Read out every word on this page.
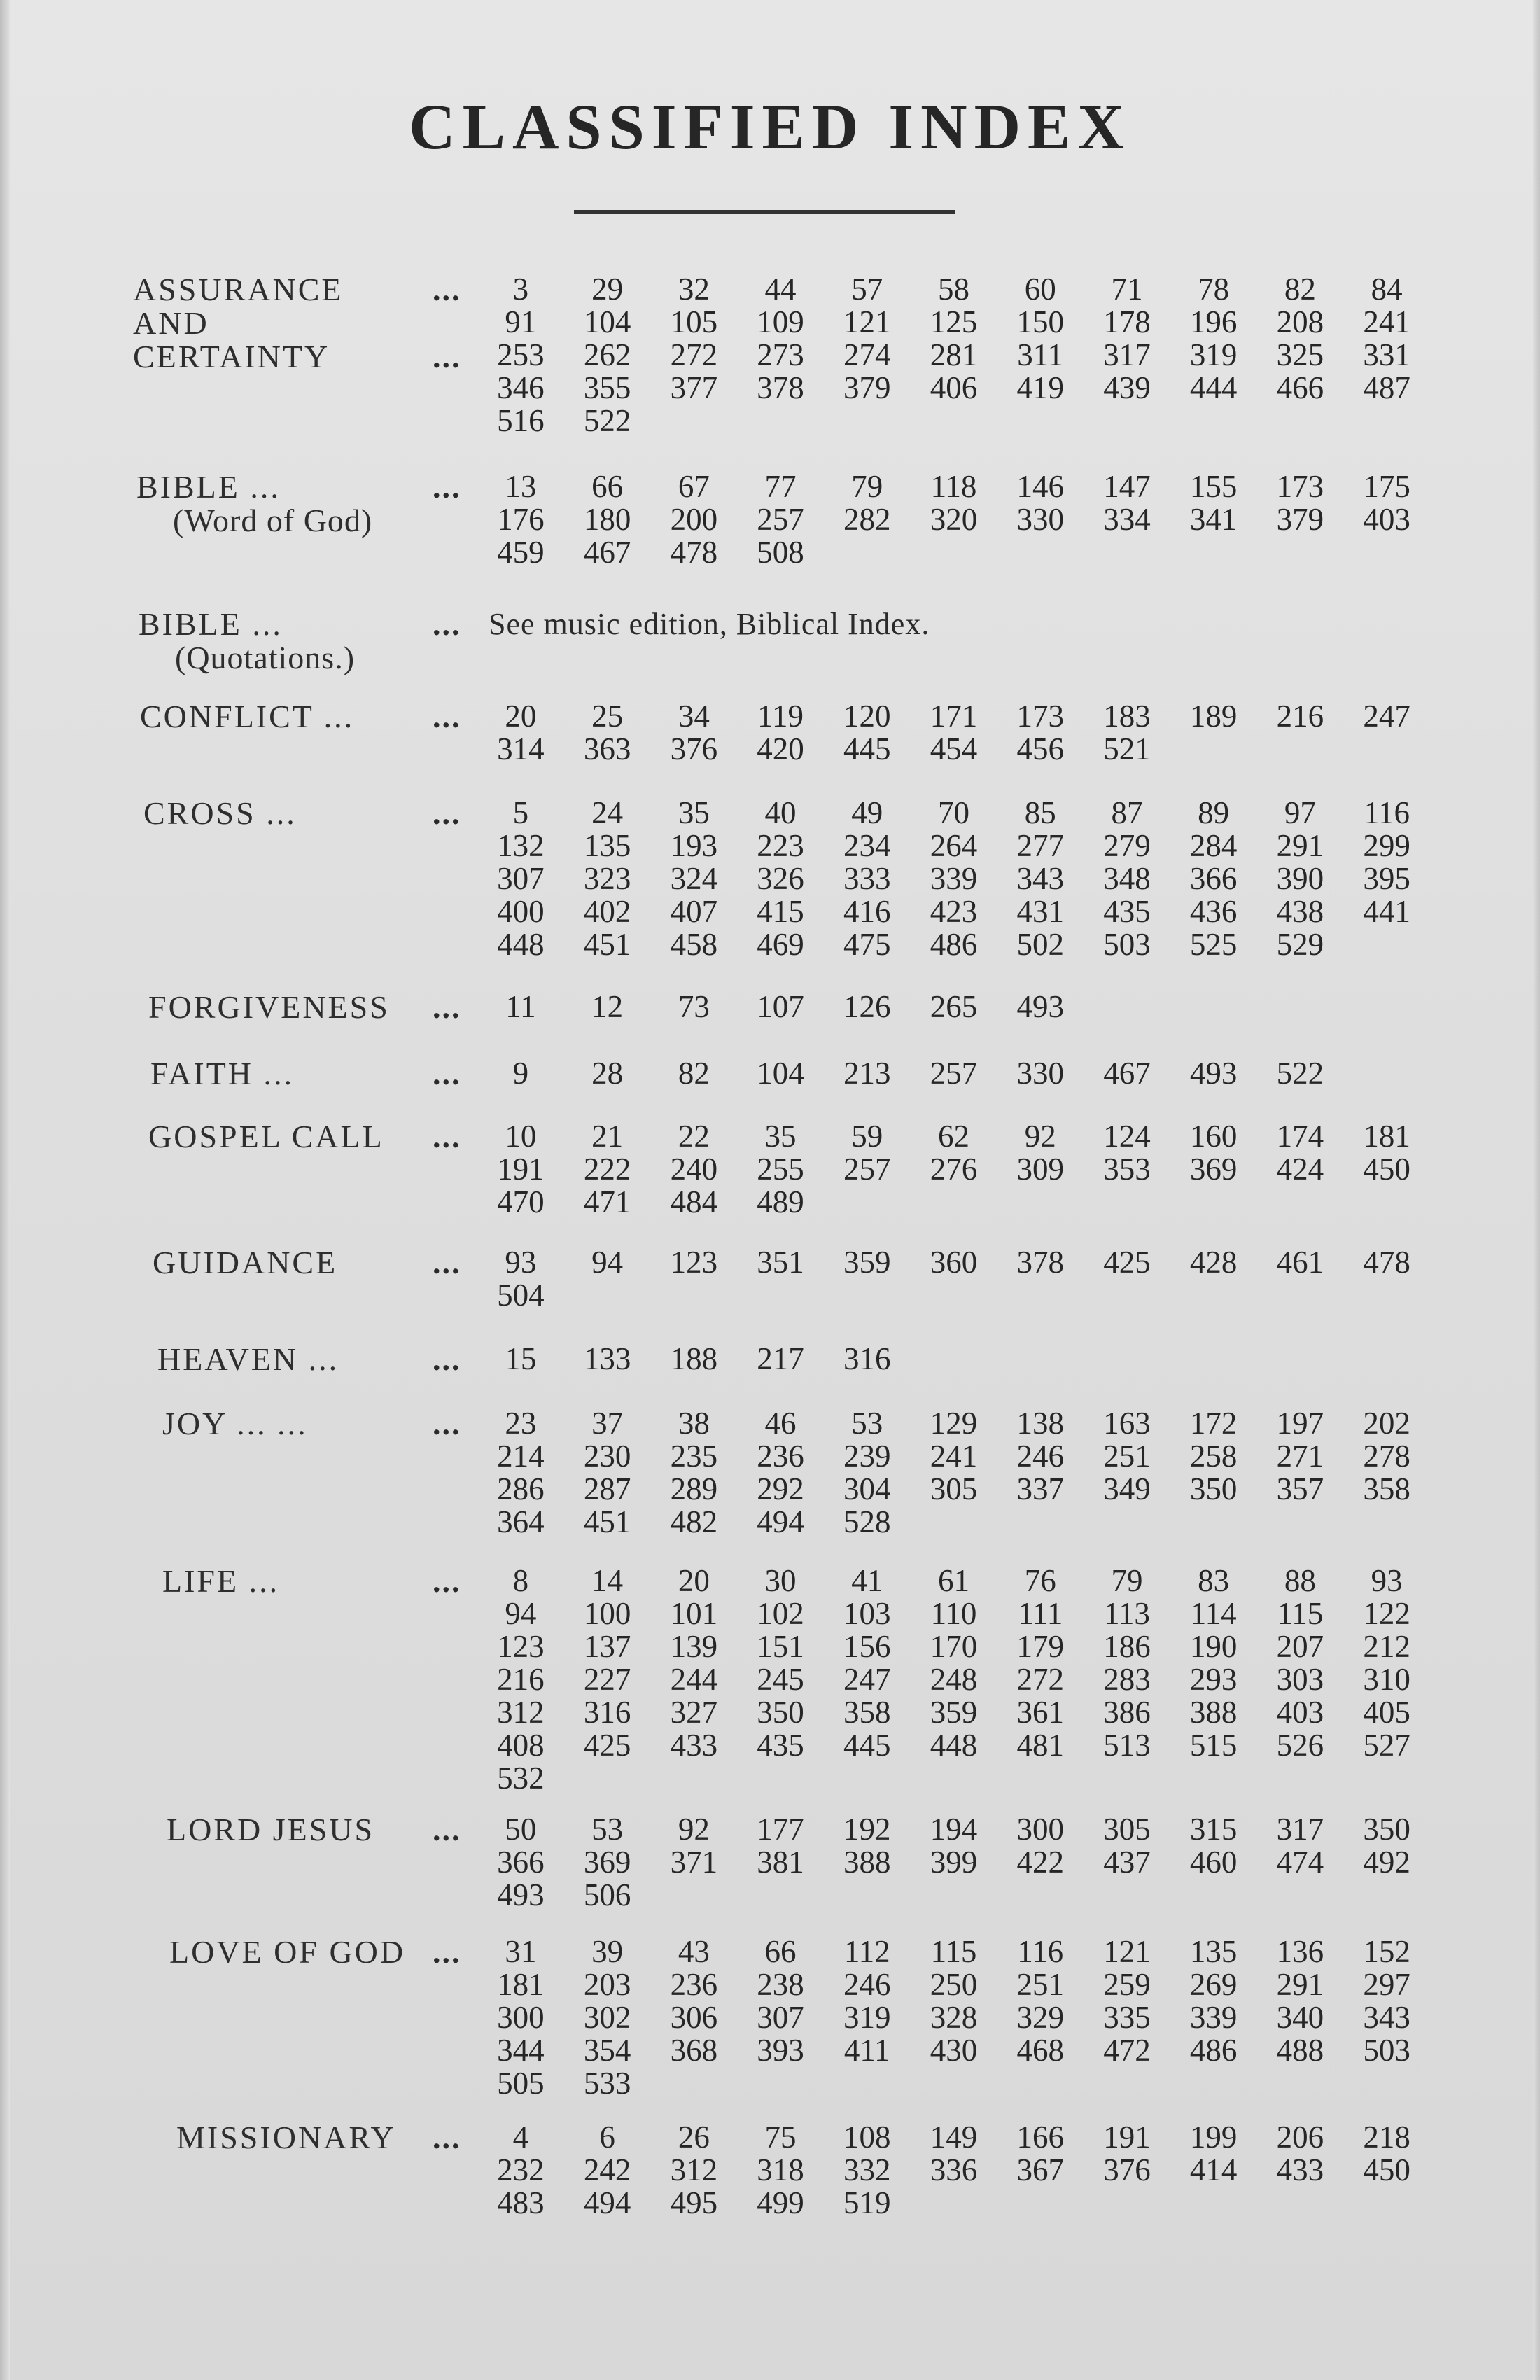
CLASSIFIED INDEX
ASSURANCE
AND
CERTAINTY	...
3	29	32	44	57	58	60	71	78	82	84
91	104	105	109	121	125	150	178	196	208	241
253	262	272	273	274	281	311	317	319	325	331
346	355	377	378	379	406	419	439	444	466	487
516	522
...
BIBLE ...
(Word of God)
...	13	66	67	77	79	118	146	147	155	173	175
176	180	200	257	282	320	330	334	341	379	403
459	467	478	508
BIBLE ...
(Quotations.)
... See music edition, Biblical Index.
CONFLICT ... ...	20	25	34	119	120	171	173	183	189	216	247
314	363	376	420	445	454	456	521
CROSS ...	...	5	24	35	40	49	70	85	87	89	97	116
132	135	193	223	234	264	277	279	284	291	299
307	323	324	326	333	339	343	348	366	390	395
400	402	407	415	416	423	431	435	436	438	441
448	451	458	469	475	486	502	503	525	529
FORGIVENESS ...	11	12	73	107	126	265	493
FAITH ...	...	9	28	82	104	213	257	330	467	493	522
GOSPEL CALL ...	10	21	22	35	59	62	92	124	160	174	181
191	222	240	255	257	276	309	353	369	424	450
470	471	484	489
GUIDANCE	...	93	94	123	351	359	360	378	425	428	461	478
504
HEAVEN ...	...	15	133	188	217	316
JOY ... ...	...	23	37	38	46	53	129	138	163	172	197	202
214	230	235	236	239	241	246	251	258	271	278
286	287	289	292	304	305	337	349	350	357	358
364	451	482	494	528
LIFE ...	...	8	14	20	30	41	61	76	79	83	88	93
94	100	101	102	103	110	111	113	114	115	122
123	137	139	151	156	170	179	186	190	207	212
216	227	244	245	247	248	272	283	293	303	310
312	316	327	350	358	359	361	386	388	403	405
408	425	433	435	445	448	481	513	515	526	527
532
LORD JESUS ...	50	53	92	177	192	194	300	305	315	317	350
366	369	371	381	388	399	422	437	460	474	492
493	506
LOVE OF GOD ...	31	39	43	66	112	115	116	121	135	136	152
181	203	236	238	246	250	251	259	269	291	297
300	302	306	307	319	328	329	335	339	340	343
344	354	368	393	411	430	468	472	486	488	503
505	533
MISSIONARY ...	4	6	26	75	108	149	166	191	199	206	218
232	242	312	318	332	336	367	376	414	433	450
483	494	495	499	519
